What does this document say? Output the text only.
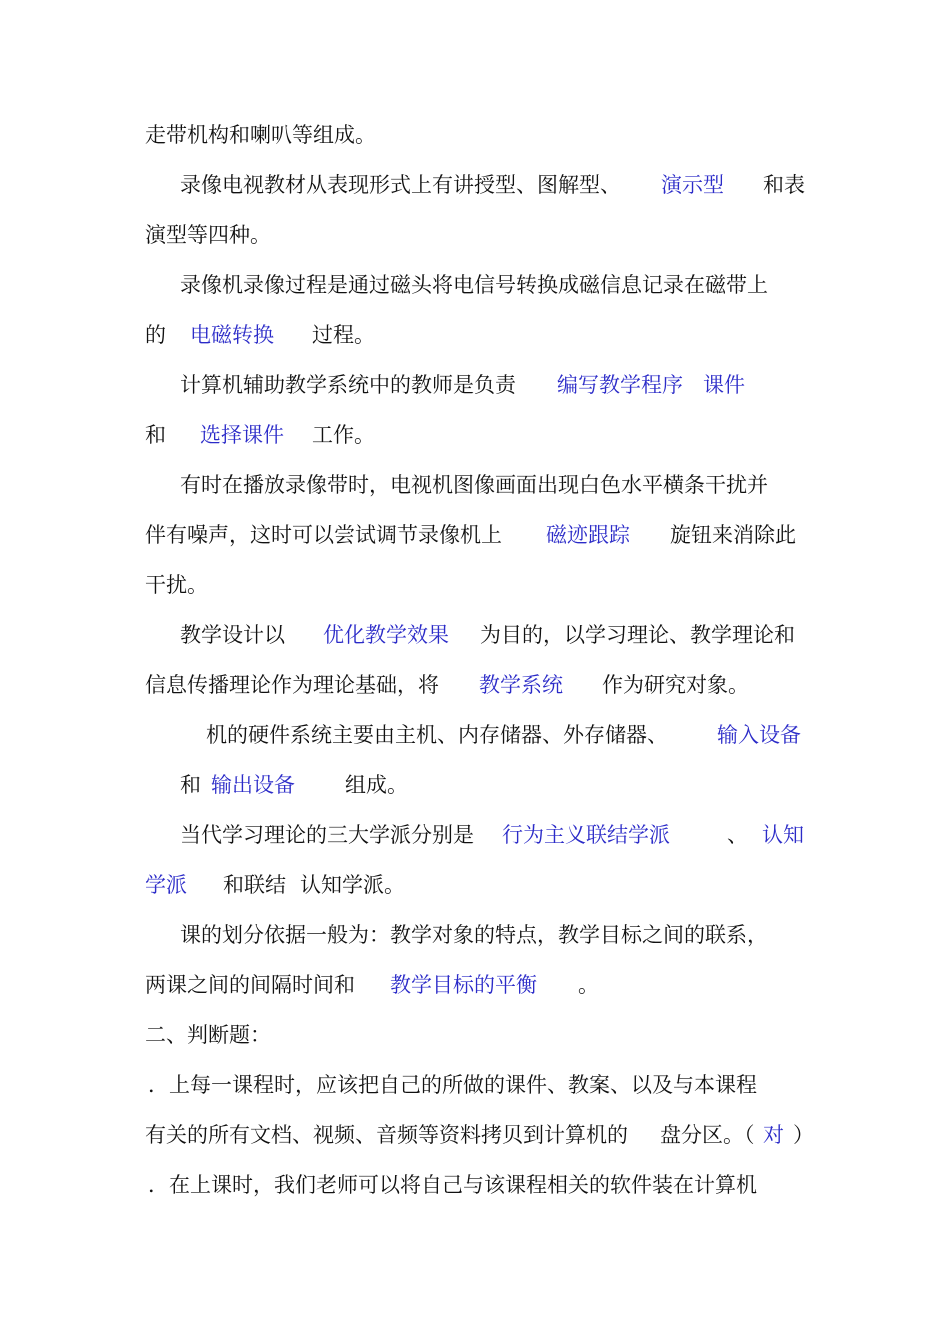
走带机构和喇叭等组成。
录像电视教材从表现形式上有讲授型、图解型、 演示型 和表
演型等四种。
录像机录像过程是通过磁头将电信号转换成磁信息记录在磁带上
的 电磁转换 过程。
计算机辅助教学系统中的教师是负责 编写教学程序 课件
和 选择课件 工作。
有时在播放录像带时，电视机图像画面出现白色水平横条干扰并
伴有噪声，这时可以尝试调节录像机上 磁迹跟踪 旋钮来消除此
干扰。
教学设计以 优化教学效果 为目的，以学习理论、教学理论和
信息传播理论作为理论基础，将 教学系统 作为研究对象。
机的硬件系统主要由主机、内存储器、外存储器、 输入设备
和 输出设备 组成。
当代学习理论的三大学派分别是 行为主义联结学派	、 认知
学派 和联结 认知学派。
课的划分依据一般为：教学对象的特点，教学目标之间的联系，
两课之间的间隔时间和 教学目标的平衡 。
二、判断题：
．上每一课程时，应该把自己的所做的课件、教案、以及与本课程
有关的所有文档、视频、音频等资料拷贝到计算机的 盘分区。（ 对 ）
．在上课时，我们老师可以将自己与该课程相关的软件装在计算机
